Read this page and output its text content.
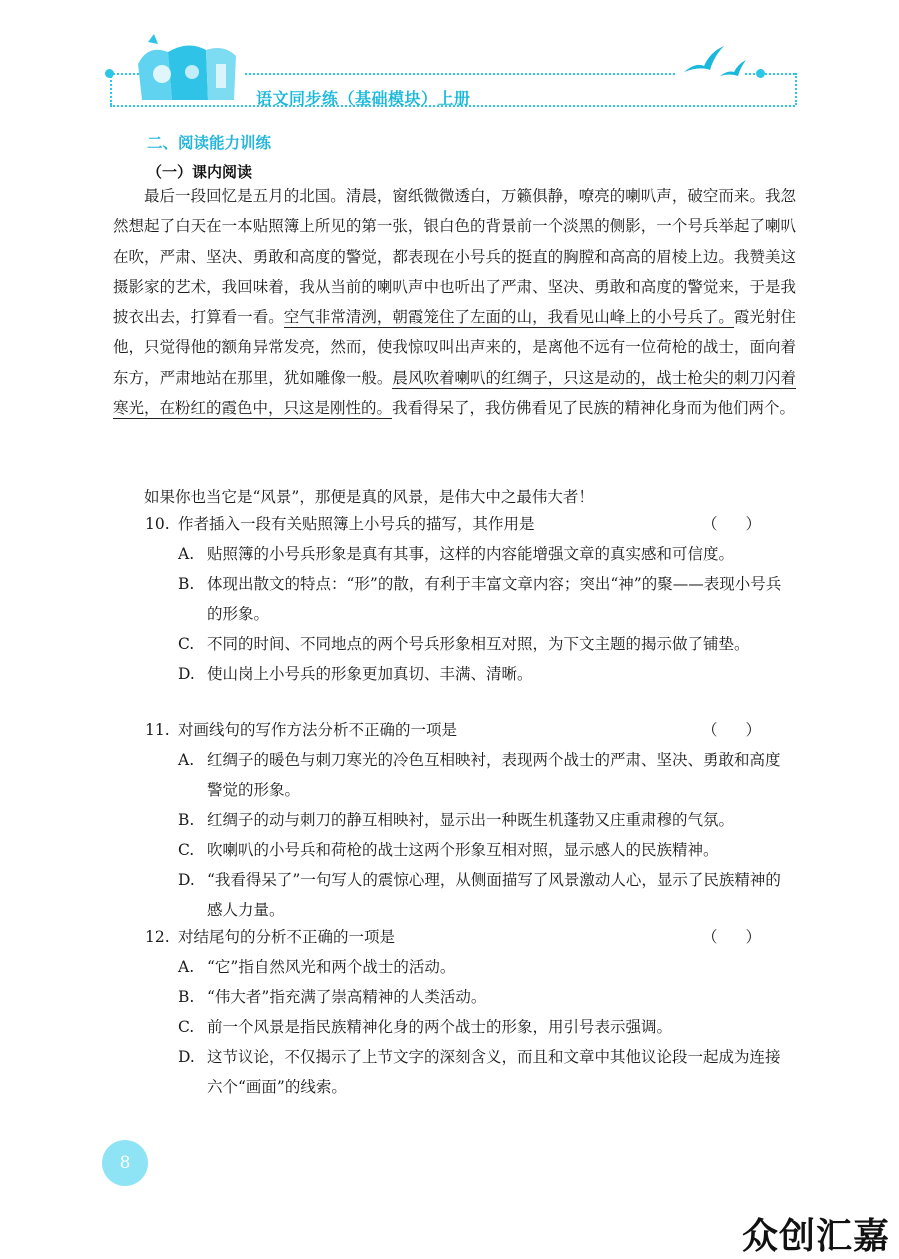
语文同步练（基础模块）上册
二、阅读能力训练
（一）课内阅读

最后一段回忆是五月的北国。清晨，窗纸微微透白，万籁俱静，嘹亮的喇叭声，破空而来。我忽然想起了白天在一本贴照簿上所见的第一张，银白色的背景前一个淡黑的侧影，一个号兵举起了喇叭在吹，严肃、坚决、勇敢和高度的警觉，都表现在小号兵的挺直的胸膛和高高的眉棱上边。我赞美这摄影家的艺术，我回味着，我从当前的喇叭声中也听出了严肃、坚决、勇敢和高度的警觉来，于是我披衣出去，打算看一看。空气非常清洌，朝霞笼住了左面的山，我看见山峰上的小号兵了。霞光射住他，只觉得他的额角异常发亮，然而，使我惊叹叫出声来的，是离他不远有一位荷枪的战士，面向着东方，严肃地站在那里，犹如雕像一般。晨风吹着喇叭的红绸子，只这是动的，战士枪尖的刺刀闪着寒光，在粉红的霞色中，只这是刚性的。我看得呆了，我仿佛看见了民族的精神化身而为他们两个。

如果你也当它是“风景”，那便是真的风景，是伟大中之最伟大者！
10. 作者插入一段有关贴照簿上小号兵的描写，其作用是	（）
A. 贴照簿的小号兵形象是真有其事，这样的内容能增强文章的真实感和可信度。
B. 体现出散文的特点：“形”的散，有利于丰富文章内容；突出“神”的聚——表现小号兵的形象。
C. 不同的时间、不同地点的两个号兵形象相互对照，为下文主题的揭示做了铺垫。
D. 使山岗上小号兵的形象更加真切、丰满、清晰。
11. 对画线句的写作方法分析不正确的一项是	（）
A. 红绸子的暖色与刺刀寒光的冷色互相映衬，表现两个战士的严肃、坚决、勇敢和高度警觉的形象。
B. 红绸子的动与刺刀的静互相映衬，显示出一种既生机蓬勃又庄重肃穆的气氛。
C. 吹喇叭的小号兵和荷枪的战士这两个形象互相对照，显示感人的民族精神。
D. “我看得呆了”一句写人的震惊心理，从侧面描写了风景激动人心，显示了民族精神的感人力量。
12. 对结尾句的分析不正确的一项是	（）
A. “它”指自然风光和两个战士的活动。
B. “伟大者”指充满了崇高精神的人类活动。
C. 前一个风景是指民族精神化身的两个战士的形象，用引号表示强调。
D. 这节议论，不仅揭示了上节文字的深刻含义，而且和文章中其他议论段一起成为连接六个“画面”的线索。
8
众创汇嘉
